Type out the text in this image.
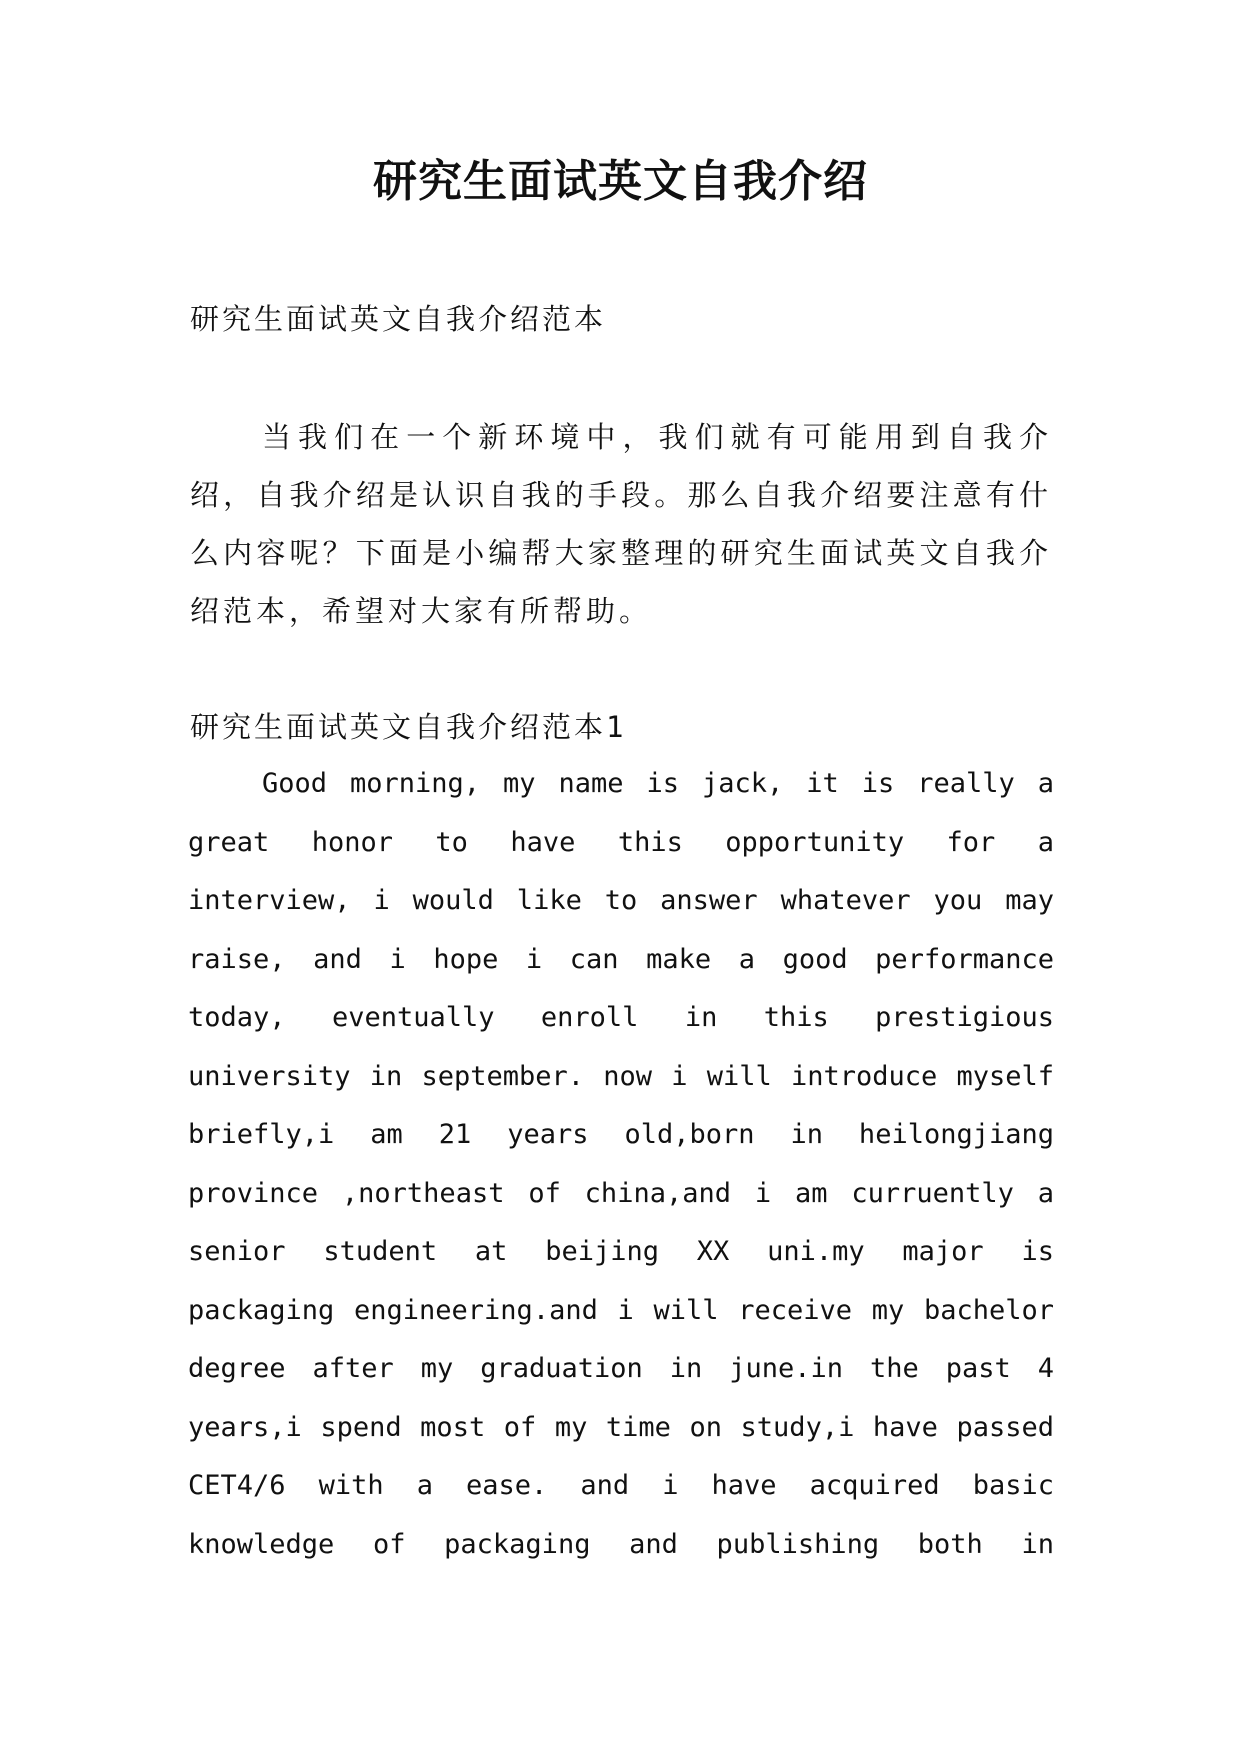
研究生面试英文自我介绍
研究生面试英文自我介绍范本

当我们在一个新环境中，我们就有可能用到自我介绍，自我介绍是认识自我的手段。那么自我介绍要注意有什么内容呢？下面是小编帮大家整理的研究生面试英文自我介绍范本，希望对大家有所帮助。

研究生面试英文自我介绍范本1

Good morning, my name is jack, it is really a great honor to have this opportunity for a interview, i would like to answer whatever you may raise, and i hope i can make a good performance today, eventually enroll in this prestigious university in september. now i will introduce myself briefly,i am 21 years old,born in heilongjiang province ,northeast of china,and i am curruently a senior student at beijing XX uni.my major is packaging engineering.and i will receive my bachelor degree after my graduation in june.in the past 4 years,i spend most of my time on study,i have passed CET4/6 with a ease. and i have acquired basic knowledge of packaging and publishing both in
